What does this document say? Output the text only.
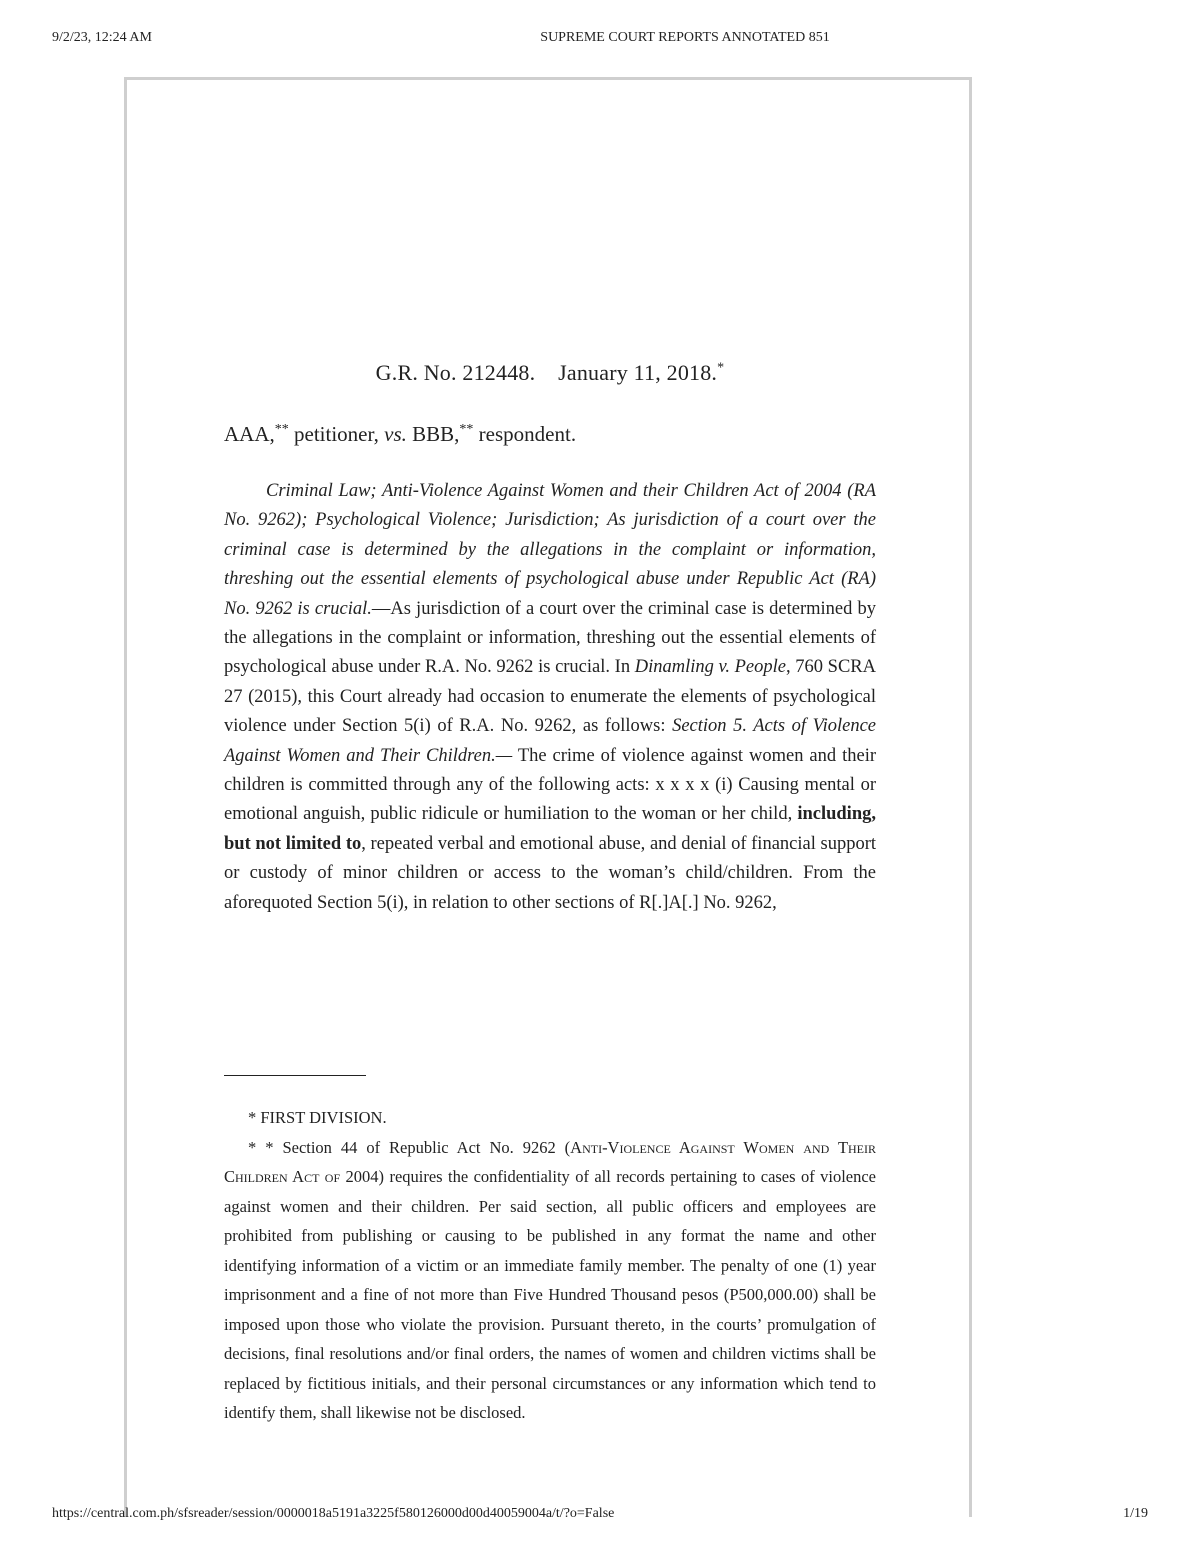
9/2/23, 12:24 AM	SUPREME COURT REPORTS ANNOTATED 851
G.R. No. 212448. January 11, 2018.*
AAA,** petitioner, vs. BBB,** respondent.

Criminal Law; Anti-Violence Against Women and their Children Act of 2004 (RA No. 9262); Psychological Violence; Jurisdiction; As jurisdiction of a court over the criminal case is determined by the allegations in the complaint or information, threshing out the essential elements of psychological abuse under Republic Act (RA) No. 9262 is crucial.—As jurisdiction of a court over the criminal case is determined by the allegations in the complaint or information, threshing out the essential elements of psychological abuse under R.A. No. 9262 is crucial. In Dinamling v. People, 760 SCRA 27 (2015), this Court already had occasion to enumerate the elements of psychological violence under Section 5(i) of R.A. No. 9262, as follows: Section 5. Acts of Violence Against Women and Their Children.— The crime of violence against women and their children is committed through any of the following acts: x x x x (i) Causing mental or emotional anguish, public ridicule or humiliation to the woman or her child, including, but not limited to, repeated verbal and emotional abuse, and denial of financial support or custody of minor children or access to the woman’s child/children. From the aforequoted Section 5(i), in relation to other sections of R[.]A[.] No. 9262,

* FIRST DIVISION.

* * Section 44 of Republic Act No. 9262 (Anti-Violence Against Women and Their Children Act of 2004) requires the confidentiality of all records pertaining to cases of violence against women and their children. Per said section, all public officers and employees are prohibited from publishing or causing to be published in any format the name and other identifying information of a victim or an immediate family member. The penalty of one (1) year imprisonment and a fine of not more than Five Hundred Thousand pesos (P500,000.00) shall be imposed upon those who violate the provision. Pursuant thereto, in the courts’ promulgation of decisions, final resolutions and/or final orders, the names of women and children victims shall be replaced by fictitious initials, and their personal circumstances or any information which tend to identify them, shall likewise not be disclosed.

https://central.com.ph/sfsreader/session/0000018a5191a3225f580126000d00d40059004a/t/?o=False	1/19
